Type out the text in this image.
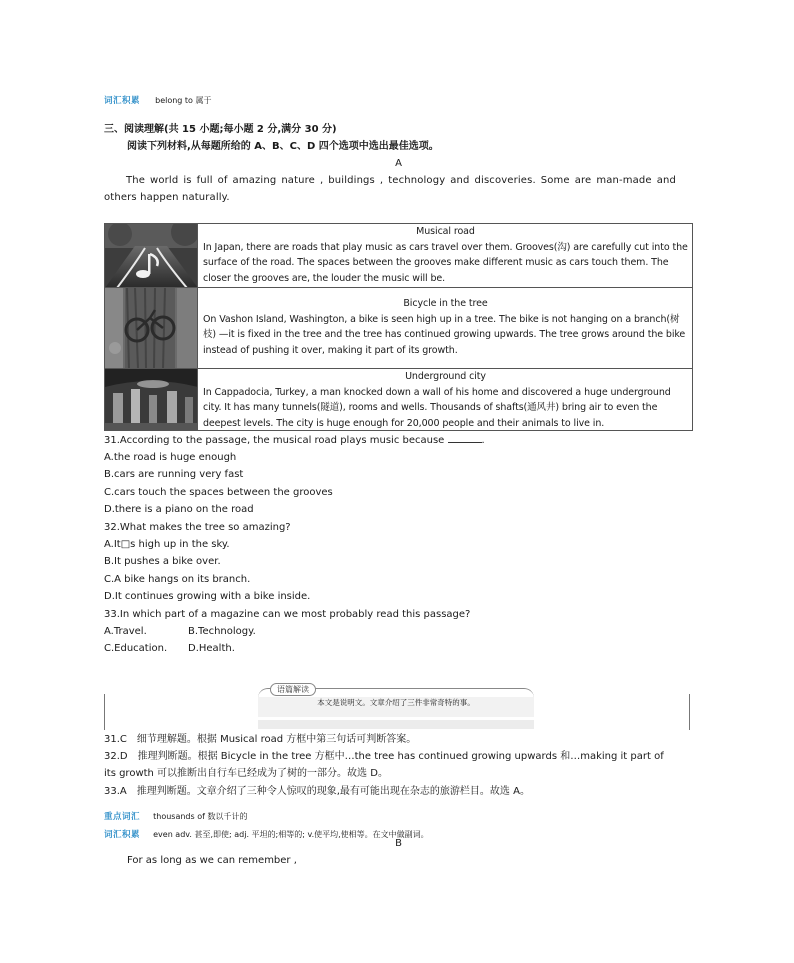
词汇积累 belong to 属于
三、阅读理解(共 15 小题;每小题 2 分,满分 30 分)
阅读下列材料,从每题所给的 A、B、C、D 四个选项中选出最佳选项。
A
The world is full of amazing nature , buildings , technology and discoveries. Some are man-made and others happen naturally.
Musical road
In Japan, there are roads that play music as cars travel over them. Grooves(沟) are carefully cut into the
surface of the road. The spaces between the grooves make different music as cars touch them. The
closer the grooves are, the louder the music will be.
Bicycle in the tree
On Vashon Island, Washington, a bike is seen high up in a tree. The bike is not hanging on a branch(树
枝) —it is fixed in the tree and the tree has continued growing upwards. The tree grows around the bike
instead of pushing it over, making it part of its growth.
Underground city
In Cappadocia, Turkey, a man knocked down a wall of his home and discovered a huge underground
city. It has many tunnels(隧道), rooms and wells. Thousands of shafts(通风井) bring air to even the
deepest levels. The city is huge enough for 20,000 people and their animals to live in.
31.According to the passage, the musical road plays music because	.
A.the road is huge enough
B.cars are running very fast
C.cars touch the spaces between the grooves
D.there is a piano on the road
32.What makes the tree so amazing?
A.It□s high up in the sky.
B.It pushes a bike over.
C.A bike hangs on its branch.
D.It continues growing with a bike inside.
33.In which part of a magazine can we most probably read this passage?
A.Travel.	B.Technology.
C.Education. D.Health.
语篇解读
本文是说明文。文章介绍了三件非常奇特的事。
31.C　细节理解题。根据 Musical road 方框中第三句话可判断答案。
32.D　推理判断题。根据 Bicycle in the tree 方框中…the tree has continued growing upwards 和…making it part of
its growth 可以推断出自行车已经成为了树的一部分。故选 D。
33.A　推理判断题。文章介绍了三种令人惊叹的现象,最有可能出现在杂志的旅游栏目。故选 A。
重点词汇 thousands of 数以千计的
词汇积累 even adv. 甚至,即使; adj. 平坦的;相等的; v.使平均,使相等。在文中做副词。
B
For as long as we can remember ,
